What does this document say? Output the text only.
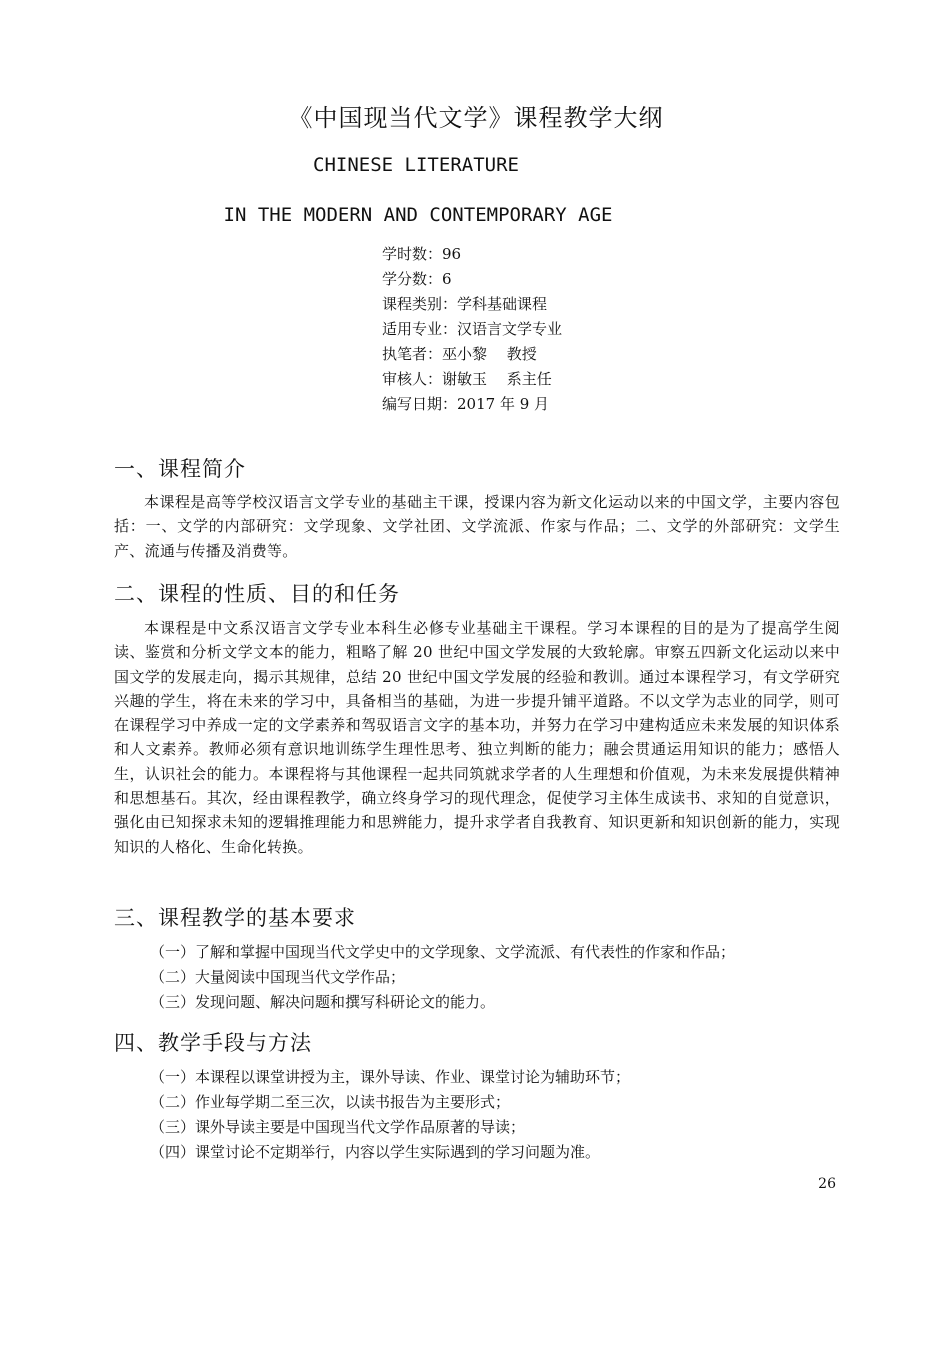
《中国现当代文学》课程教学大纲

CHINESE LITERATURE

IN THE MODERN AND CONTEMPORARY AGE

学时数：96
学分数：6
课程类别：学科基础课程
适用专业：汉语言文学专业
执笔者：巫小黎　 教授
审核人：谢敏玉　 系主任
编写日期：2017 年 9 月
一、课程简介

本课程是高等学校汉语言文学专业的基础主干课，授课内容为新文化运动以来的中国文学，主要内容包括：一、文学的内部研究：文学现象、文学社团、文学流派、作家与作品；二、文学的外部研究：文学生产、流通与传播及消费等。

二、课程的性质、目的和任务

本课程是中文系汉语言文学专业本科生必修专业基础主干课程。学习本课程的目的是为了提高学生阅读、鉴赏和分析文学文本的能力，粗略了解 20 世纪中国文学发展的大致轮廓。审察五四新文化运动以来中国文学的发展走向，揭示其规律，总结 20 世纪中国文学发展的经验和教训。通过本课程学习，有文学研究兴趣的学生，将在未来的学习中，具备相当的基础，为进一步提升铺平道路。不以文学为志业的同学，则可在课程学习中养成一定的文学素养和驾驭语言文字的基本功，并努力在学习中建构适应未来发展的知识体系和人文素养。教师必须有意识地训练学生理性思考、独立判断的能力；融会贯通运用知识的能力；感悟人生，认识社会的能力。本课程将与其他课程一起共同筑就求学者的人生理想和价值观，为未来发展提供精神和思想基石。其次，经由课程教学，确立终身学习的现代理念，促使学习主体生成读书、求知的自觉意识，强化由已知探求未知的逻辑推理能力和思辨能力，提升求学者自我教育、知识更新和知识创新的能力，实现知识的人格化、生命化转换。

三、课程教学的基本要求
（一）了解和掌握中国现当代文学史中的文学现象、文学流派、有代表性的作家和作品；
（二）大量阅读中国现当代文学作品；
（三）发现问题、解决问题和撰写科研论文的能力。
四、教学手段与方法
（一）本课程以课堂讲授为主，课外导读、作业、课堂讨论为辅助环节；
（二）作业每学期二至三次，以读书报告为主要形式；
（三）课外导读主要是中国现当代文学作品原著的导读；
（四）课堂讨论不定期举行，内容以学生实际遇到的学习问题为准。
26
